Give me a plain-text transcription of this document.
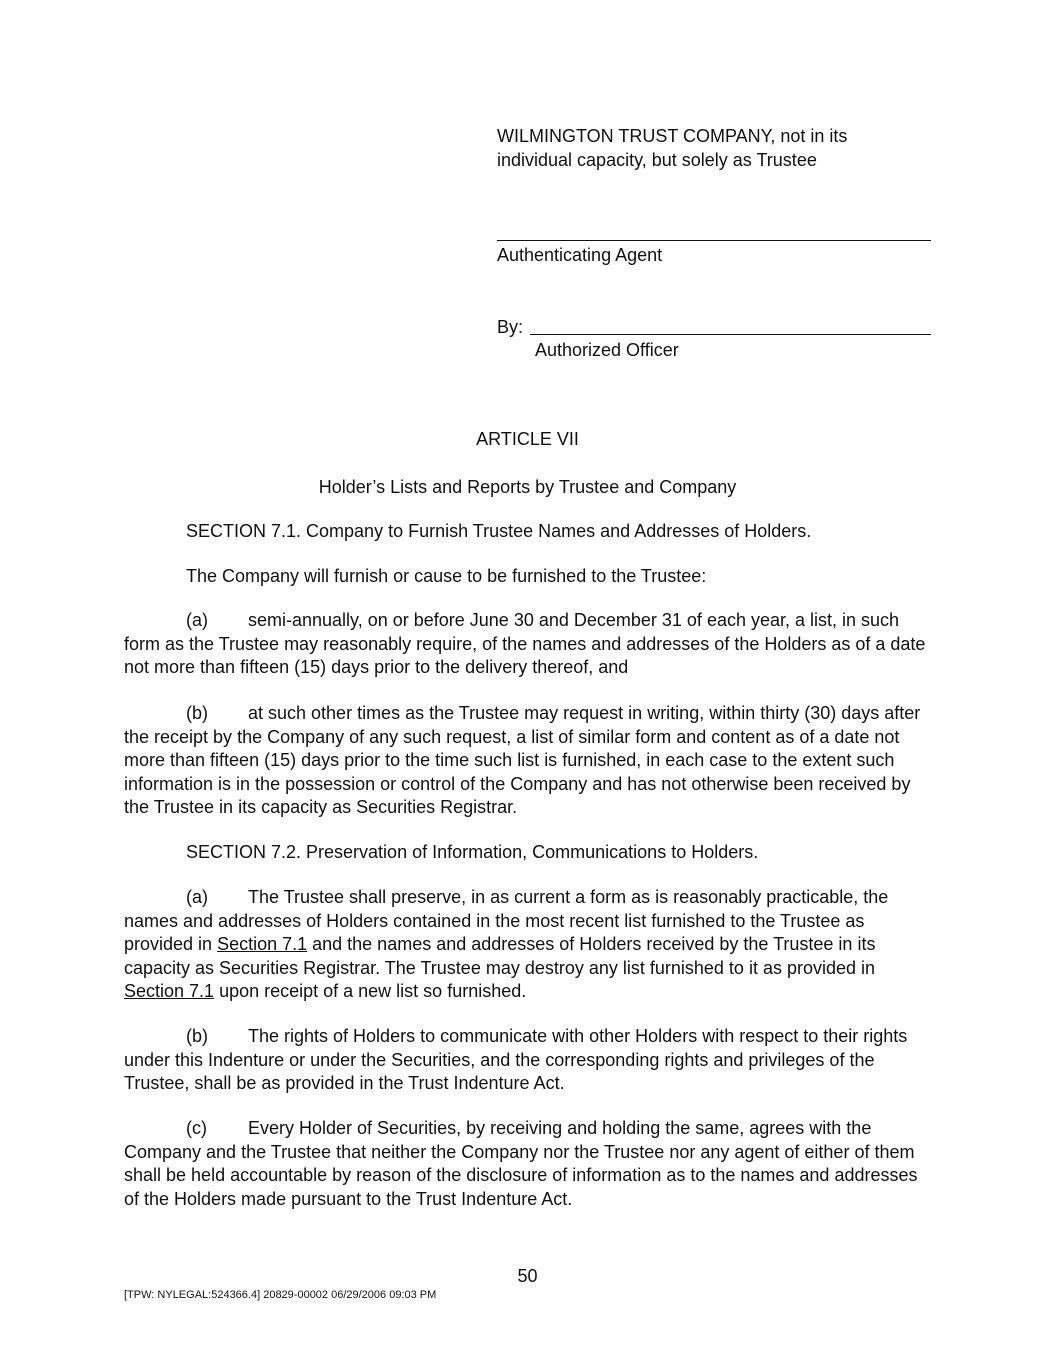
WILMINGTON TRUST COMPANY, not in its
individual capacity, but solely as Trustee
Authenticating Agent
By:
Authorized Officer
ARTICLE VII
Holder’s Lists and Reports by Trustee and Company
SECTION 7.1. Company to Furnish Trustee Names and Addresses of Holders.
The Company will furnish or cause to be furnished to the Trustee:
(a) semi-annually, on or before June 30 and December 31 of each year, a list, in such form as the Trustee may reasonably require, of the names and addresses of the Holders as of a date not more than fifteen (15) days prior to the delivery thereof, and
(b) at such other times as the Trustee may request in writing, within thirty (30) days after the receipt by the Company of any such request, a list of similar form and content as of a date not more than fifteen (15) days prior to the time such list is furnished, in each case to the extent such information is in the possession or control of the Company and has not otherwise been received by the Trustee in its capacity as Securities Registrar.
SECTION 7.2. Preservation of Information, Communications to Holders.
(a) The Trustee shall preserve, in as current a form as is reasonably practicable, the names and addresses of Holders contained in the most recent list furnished to the Trustee as provided in Section 7.1 and the names and addresses of Holders received by the Trustee in its capacity as Securities Registrar. The Trustee may destroy any list furnished to it as provided in Section 7.1 upon receipt of a new list so furnished.
(b) The rights of Holders to communicate with other Holders with respect to their rights under this Indenture or under the Securities, and the corresponding rights and privileges of the Trustee, shall be as provided in the Trust Indenture Act.
(c) Every Holder of Securities, by receiving and holding the same, agrees with the Company and the Trustee that neither the Company nor the Trustee nor any agent of either of them shall be held accountable by reason of the disclosure of information as to the names and addresses of the Holders made pursuant to the Trust Indenture Act.
50
[TPW: NYLEGAL:524366.4] 20829-00002 06/29/2006 09:03 PM
